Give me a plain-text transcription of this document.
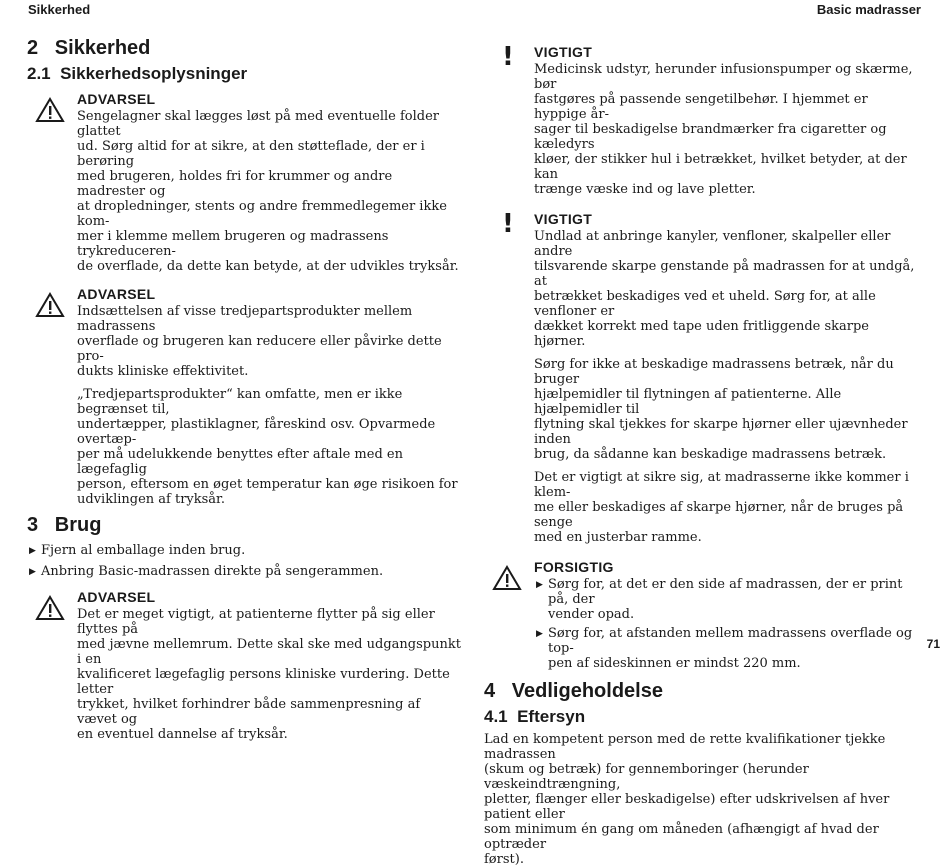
Sikkerhed	Basic madrasser
2   Sikkerhed
2.1  Sikkerhedsoplysninger
ADVARSEL
Sengelagner skal lægges løst på med eventuelle folder glattet
ud. Sørg altid for at sikre, at den støtteflade, der er i berøring
med brugeren, holdes fri for krummer og andre madrester og
at dropledninger, stents og andre fremmedlegemer ikke kom-
mer i klemme mellem brugeren og madrassens trykreduceren-
de overflade, da dette kan betyde, at der udvikles tryksår.
ADVARSEL
Indsættelsen af visse tredjepartsprodukter mellem madrassens
overflade og brugeren kan reducere eller påvirke dette pro-
dukts kliniske effektivitet.
„Tredjepartsprodukter“ kan omfatte, men er ikke begrænset til,
undertæpper, plastiklagner, fåreskind osv. Opvarmede overtæp-
per må udelukkende benyttes efter aftale med en lægefaglig
person, eftersom en øget temperatur kan øge risikoen for
udviklingen af tryksår.
3   Brug
▶ Fjern al emballage inden brug.
▶ Anbring Basic-madrassen direkte på sengerammen.
ADVARSEL
Det er meget vigtigt, at patienterne flytter på sig eller flyttes på
med jævne mellemrum. Dette skal ske med udgangspunkt i en
kvalificeret lægefaglig persons kliniske vurdering. Dette letter
trykket, hvilket forhindrer både sammenpresning af vævet og
en eventuel dannelse af tryksår.
! VIGTIGT
Medicinsk udstyr, herunder infusionspumper og skærme, bør
fastgøres på passende sengetilbehør. I hjemmet er hyppige år-
sager til beskadigelse brandmærker fra cigaretter og kæledyrs
kløer, der stikker hul i betrækket, hvilket betyder, at der kan
trænge væske ind og lave pletter.
! VIGTIGT
Undlad at anbringe kanyler, venfloner, skalpeller eller andre
tilsvarende skarpe genstande på madrassen for at undgå, at
betrækket beskadiges ved et uheld. Sørg for, at alle venfloner er
dækket korrekt med tape uden fritliggende skarpe hjørner.
Sørg for ikke at beskadige madrassens betræk, når du bruger
hjælpemidler til flytningen af patienterne. Alle hjælpemidler til
flytning skal tjekkes for skarpe hjørner eller ujævnheder inden
brug, da sådanne kan beskadige madrassens betræk.
Det er vigtigt at sikre sig, at madrasserne ikke kommer i klem-
me eller beskadiges af skarpe hjørner, når de bruges på senge
med en justerbar ramme.
FORSIGTIG
▶ Sørg for, at det er den side af madrassen, der er print på, der
vender opad.
▶ Sørg for, at afstanden mellem madrassens overflade og top-
pen af sideskinnen er mindst 220 mm.
4   Vedligeholdelse
4.1  Eftersyn
Lad en kompetent person med de rette kvalifikationer tjekke madrassen
(skum og betræk) for gennemboringer (herunder væskeindtrængning,
pletter, flænger eller beskadigelse) efter udskrivelsen af hver patient eller
som minimum én gang om måneden (afhængigt af hvad der optræder
først).
71
